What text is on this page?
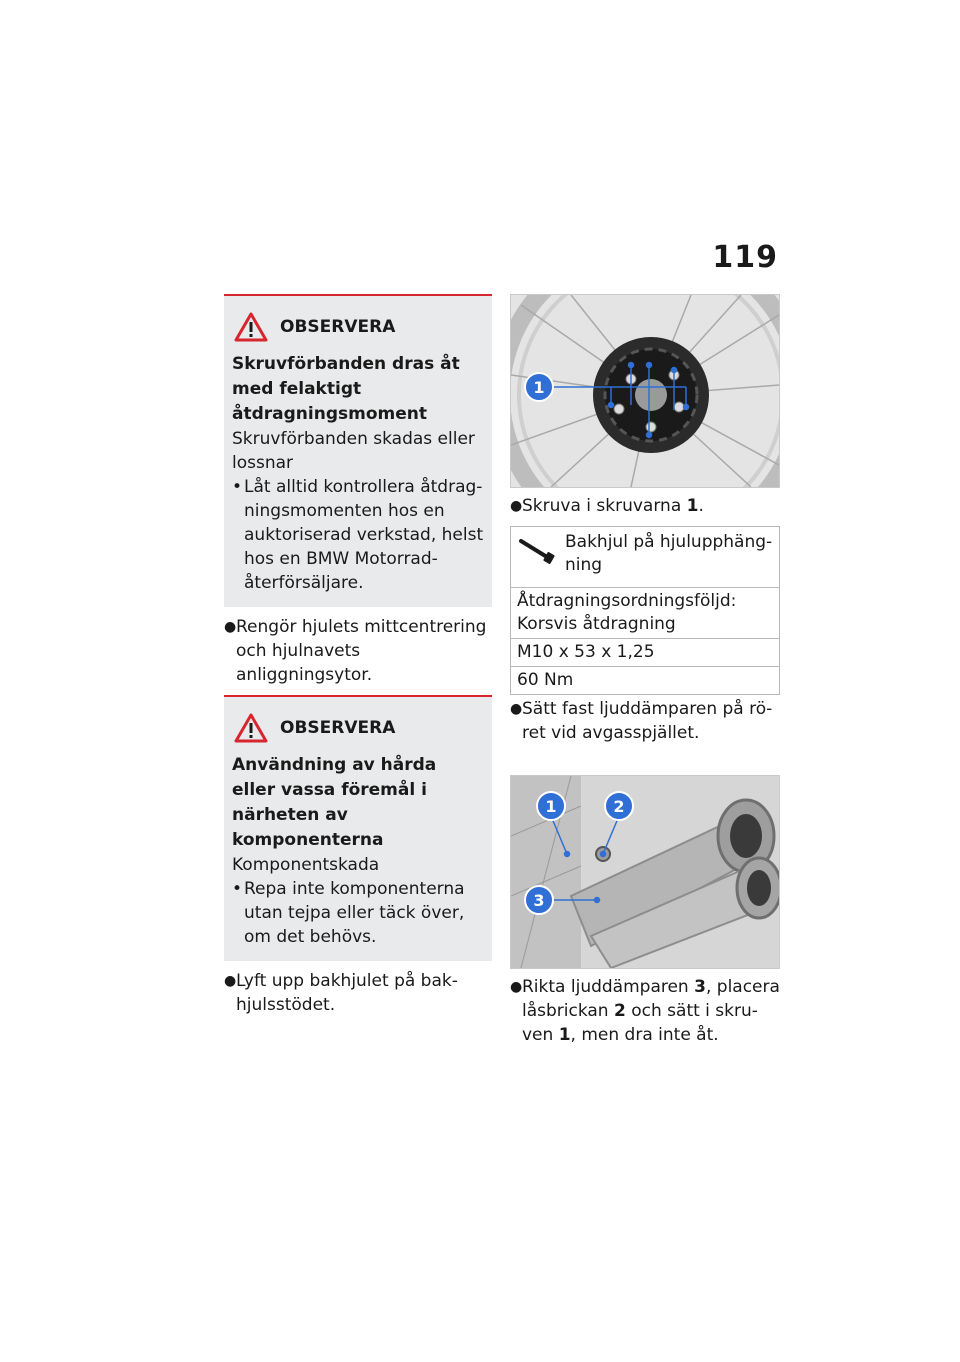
119
OBSERVERA
Skruvförbanden dras åt med felaktigt åtdragningsmoment
Skruvförbanden skadas eller lossnar
• Låt alltid kontrollera åtdragningsmomenten hos en auktoriserad verkstad, helst hos en BMW Motorrad-återförsäljare.
● Rengör hjulets mittcentrering och hjulnavets anliggningsytor.
OBSERVERA
Användning av hårda eller vassa föremål i närheten av komponenterna
Komponentskada
• Repa inte komponenterna utan tejpa eller täck över, om det behövs.
● Lyft upp bakhjulet på bakhjulsstödet.
1
● Skruva i skruvarna 1.
Bakhjul på hjulupphängning

Åtdragningsordningsföljd:
Korsvis åtdragning

M10 x 53 x 1,25
60 Nm
● Sätt fast ljuddämparen på röret vid avgasspjället.
1	2
3
● Rikta ljuddämparen 3, placera låsbrickan 2 och sätt i skruven 1, men dra inte åt.
